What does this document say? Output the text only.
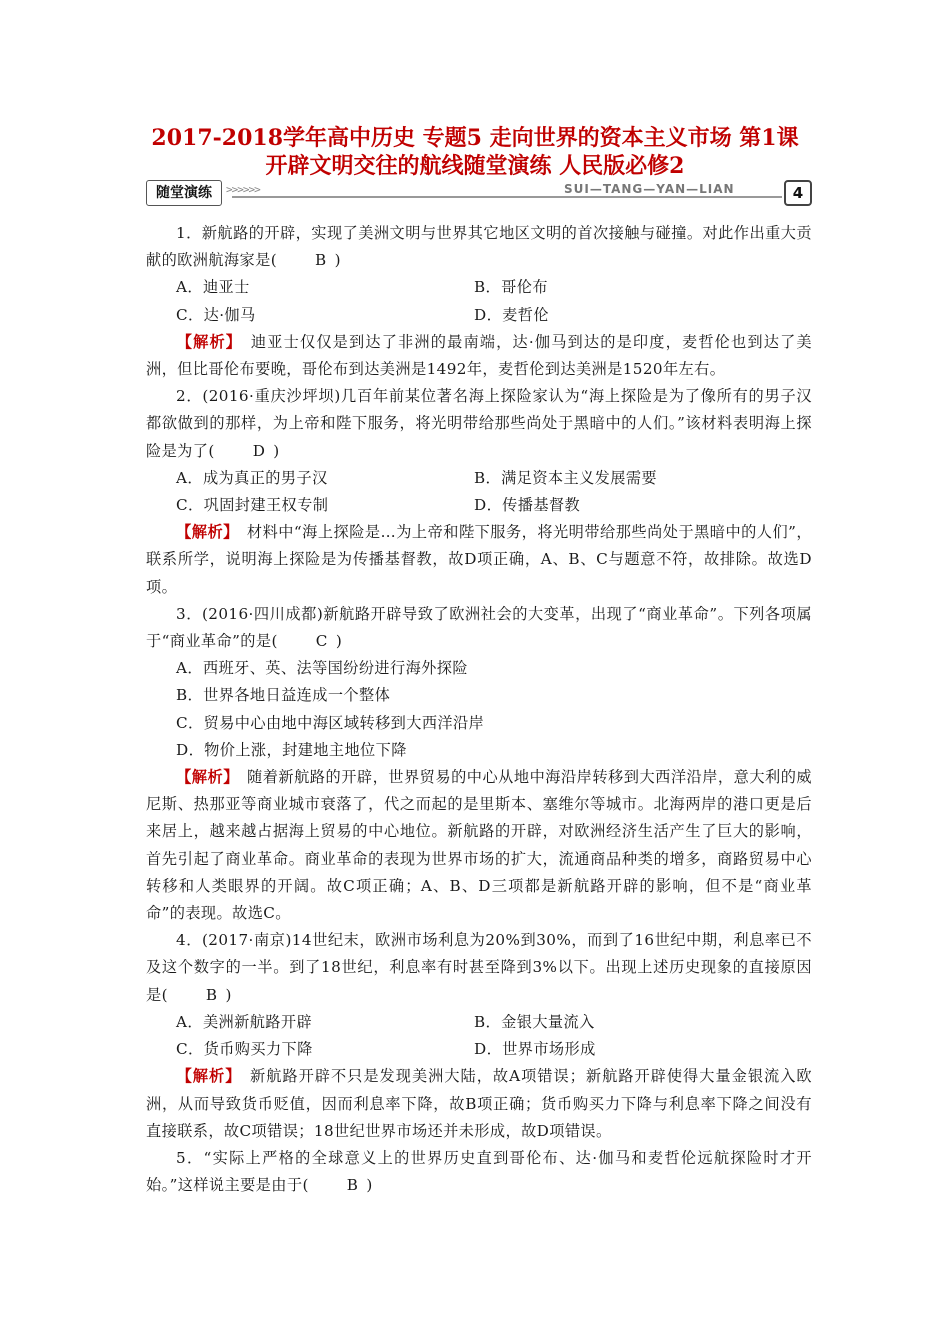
2017-2018学年高中历史 专题5 走向世界的资本主义市场 第1课
开辟文明交往的航线随堂演练 人民版必修2
随堂演练	>>>>>>	SUI—TANG—YAN—LIAN	4

1．新航路的开辟，实现了美洲文明与世界其它地区文明的首次接触与碰撞。对此作出重大贡献的欧洲航海家是(	B )

A．迪亚士	B．哥伦布
C．达·伽马	D．麦哲伦

【解析】　 迪亚士仅仅是到达了非洲的最南端，达·伽马到达的是印度，麦哲伦也到达了美洲，但比哥伦布要晚，哥伦布到达美洲是1492年，麦哲伦到达美洲是1520年左右。

2．(2016·重庆沙坪坝)几百年前某位著名海上探险家认为“海上探险是为了像所有的男子汉都欲做到的那样，为上帝和陛下服务，将光明带给那些尚处于黑暗中的人们。”该材料表明海上探险是为了(	D )

A．成为真正的男子汉	B．满足资本主义发展需要
C．巩固封建王权专制	D．传播基督教

【解析】　 材料中“海上探险是…为上帝和陛下服务，将光明带给那些尚处于黑暗中的人们”，联系所学，说明海上探险是为传播基督教，故D项正确，A、B、C与题意不符，故排除。故选D项。

3．(2016·四川成都)新航路开辟导致了欧洲社会的大变革，出现了“商业革命”。下列各项属于“商业革命”的是(	C )

A．西班牙、英、法等国纷纷进行海外探险

B．世界各地日益连成一个整体

C．贸易中心由地中海区域转移到大西洋沿岸

D．物价上涨，封建地主地位下降

【解析】　 随着新航路的开辟，世界贸易的中心从地中海沿岸转移到大西洋沿岸，意大利的威尼斯、热那亚等商业城市衰落了，代之而起的是里斯本、塞维尔等城市。北海两岸的港口更是后来居上，越来越占据海上贸易的中心地位。新航路的开辟，对欧洲经济生活产生了巨大的影响，首先引起了商业革命。商业革命的表现为世界市场的扩大，流通商品种类的增多，商路贸易中心转移和人类眼界的开阔。故C项正确；A、B、D三项都是新航路开辟的影响，但不是“商业革命”的表现。故选C。

4．(2017·南京)14世纪末，欧洲市场利息为20%到30%，而到了16世纪中期，利息率已不及这个数字的一半。到了18世纪，利息率有时甚至降到3%以下。出现上述历史现象的直接原因是(	B )

A．美洲新航路开辟	B．金银大量流入
C．货币购买力下降	D．世界市场形成

【解析】　 新航路开辟不只是发现美洲大陆，故A项错误；新航路开辟使得大量金银流入欧洲，从而导致货币贬值，因而利息率下降，故B项正确；货币购买力下降与利息率下降之间没有直接联系，故C项错误；18世纪世界市场还并未形成，故D项错误。

5．“实际上严格的全球意义上的世界历史直到哥伦布、达·伽马和麦哲伦远航探险时才开始。”这样说主要是由于(	B )
